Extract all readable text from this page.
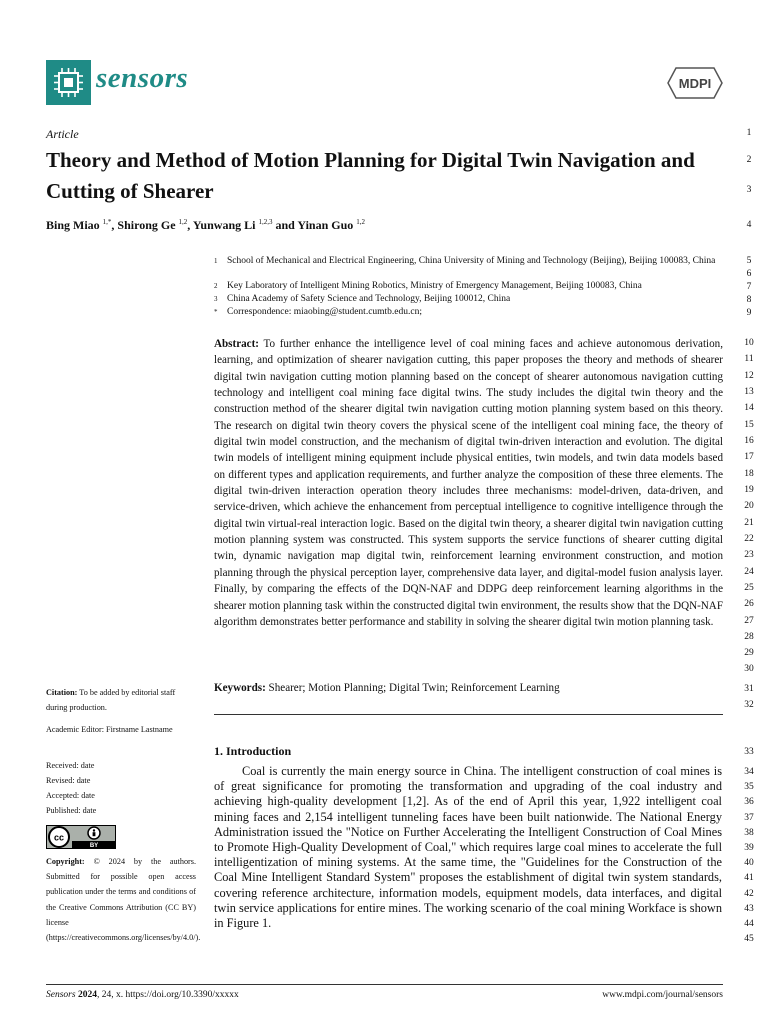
sensors	MDPI
Article
Theory and Method of Motion Planning for Digital Twin Navigation and Cutting of Shearer
Bing Miao $^{1,*}$, Shirong Ge $^{1,2}$, Yunwang Li $^{1,2,3}$ and Yinan Guo $^{1,2}$
1 School of Mechanical and Electrical Engineering, China University of Mining and Technology (Beijing), Beijing 100083, China
2 Key Laboratory of Intelligent Mining Robotics, Ministry of Emergency Management, Beijing 100083, China
3 China Academy of Safety Science and Technology, Beijing 100012, China
* Correspondence: miaobing@student.cumtb.edu.cn;

Abstract: To further enhance the intelligence level of coal mining faces and achieve autonomous derivation, learning, and optimization of shearer navigation cutting, this paper proposes the theory and methods of shearer digital twin navigation cutting motion planning based on the concept of shearer autonomous navigation cutting technology and intelligent coal mining face digital twins. The study includes the digital twin theory and the construction method of the shearer digital twin navigation cutting motion planning system based on this theory. The research on digital twin theory covers the physical scene of the intelligent coal mining face, the theory of digital twin model construction, and the mechanism of digital twin-driven interaction and evolution. The digital twin models of intelligent mining equipment include physical entities, twin models, and twin data models based on different types and application requirements, and further analyze the composition of these three elements. The digital twin-driven interaction operation theory includes three mechanisms: model-driven, data-driven, and service-driven, which achieve the enhancement from perceptual intelligence to cognitive intelligence through the digital twin virtual-real interaction logic. Based on the digital twin theory, a shearer digital twin navigation cutting motion planning system was constructed. This system supports the service functions of shearer cutting digital twin, dynamic navigation map digital twin, reinforcement learning environment construction, and motion planning through the physical perception layer, comprehensive data layer, and digital-model fusion analysis layer. Finally, by comparing the effects of the DQN-NAF and DDPG deep reinforcement learning algorithms in the shearer motion planning task within the constructed digital twin environment, the results show that the DQN-NAF algorithm demonstrates better performance and stability in solving the shearer digital twin motion planning task.

Keywords: Shearer; Motion Planning; Digital Twin; Reinforcement Learning
1. Introduction

Coal is currently the main energy source in China. The intelligent construction of coal mines is of great significance for promoting the transformation and upgrading of the coal industry and achieving high-quality development [1,2]. As of the end of April this year, 1,922 intelligent coal mining faces and 2,154 intelligent tunneling faces have been built nationwide. The National Energy Administration issued the "Notice on Further Accelerating the Intelligent Construction of Coal Mines to Promote High-Quality Development of Coal," which requires large coal mines to accelerate the full intelligentization of mining systems. At the same time, the "Guidelines for the Construction of the Coal Mine Intelligent Standard System" proposes the establishment of digital twin system standards, covering reference architecture, information models, equipment models, data interfaces, and digital twin service applications for entire mines. The working scenario of the coal mining Workface is shown in Figure 1.

Citation: To be added by editorial staff during production.
Academic Editor: Firstname Lastname
Received: date
Revised: date
Accepted: date
Published: date
cc
BY
Copyright: © 2024 by the authors. Submitted for possible open access publication under the terms and conditions of the Creative Commons Attribution (CC BY) license (https://creativecommons.org/licenses/by/4.0/).
1
2
3
4
5
6
7
8
9
10
11
12
13
14
15
16
17
18
19
20
21
22
23
24
25
26
27
28
29
30
31
32
33
34
35
36
37
38
39
40
41
42
43
44
45
Sensors 2024, 24, x. https://doi.org/10.3390/xxxxx	www.mdpi.com/journal/sensors
